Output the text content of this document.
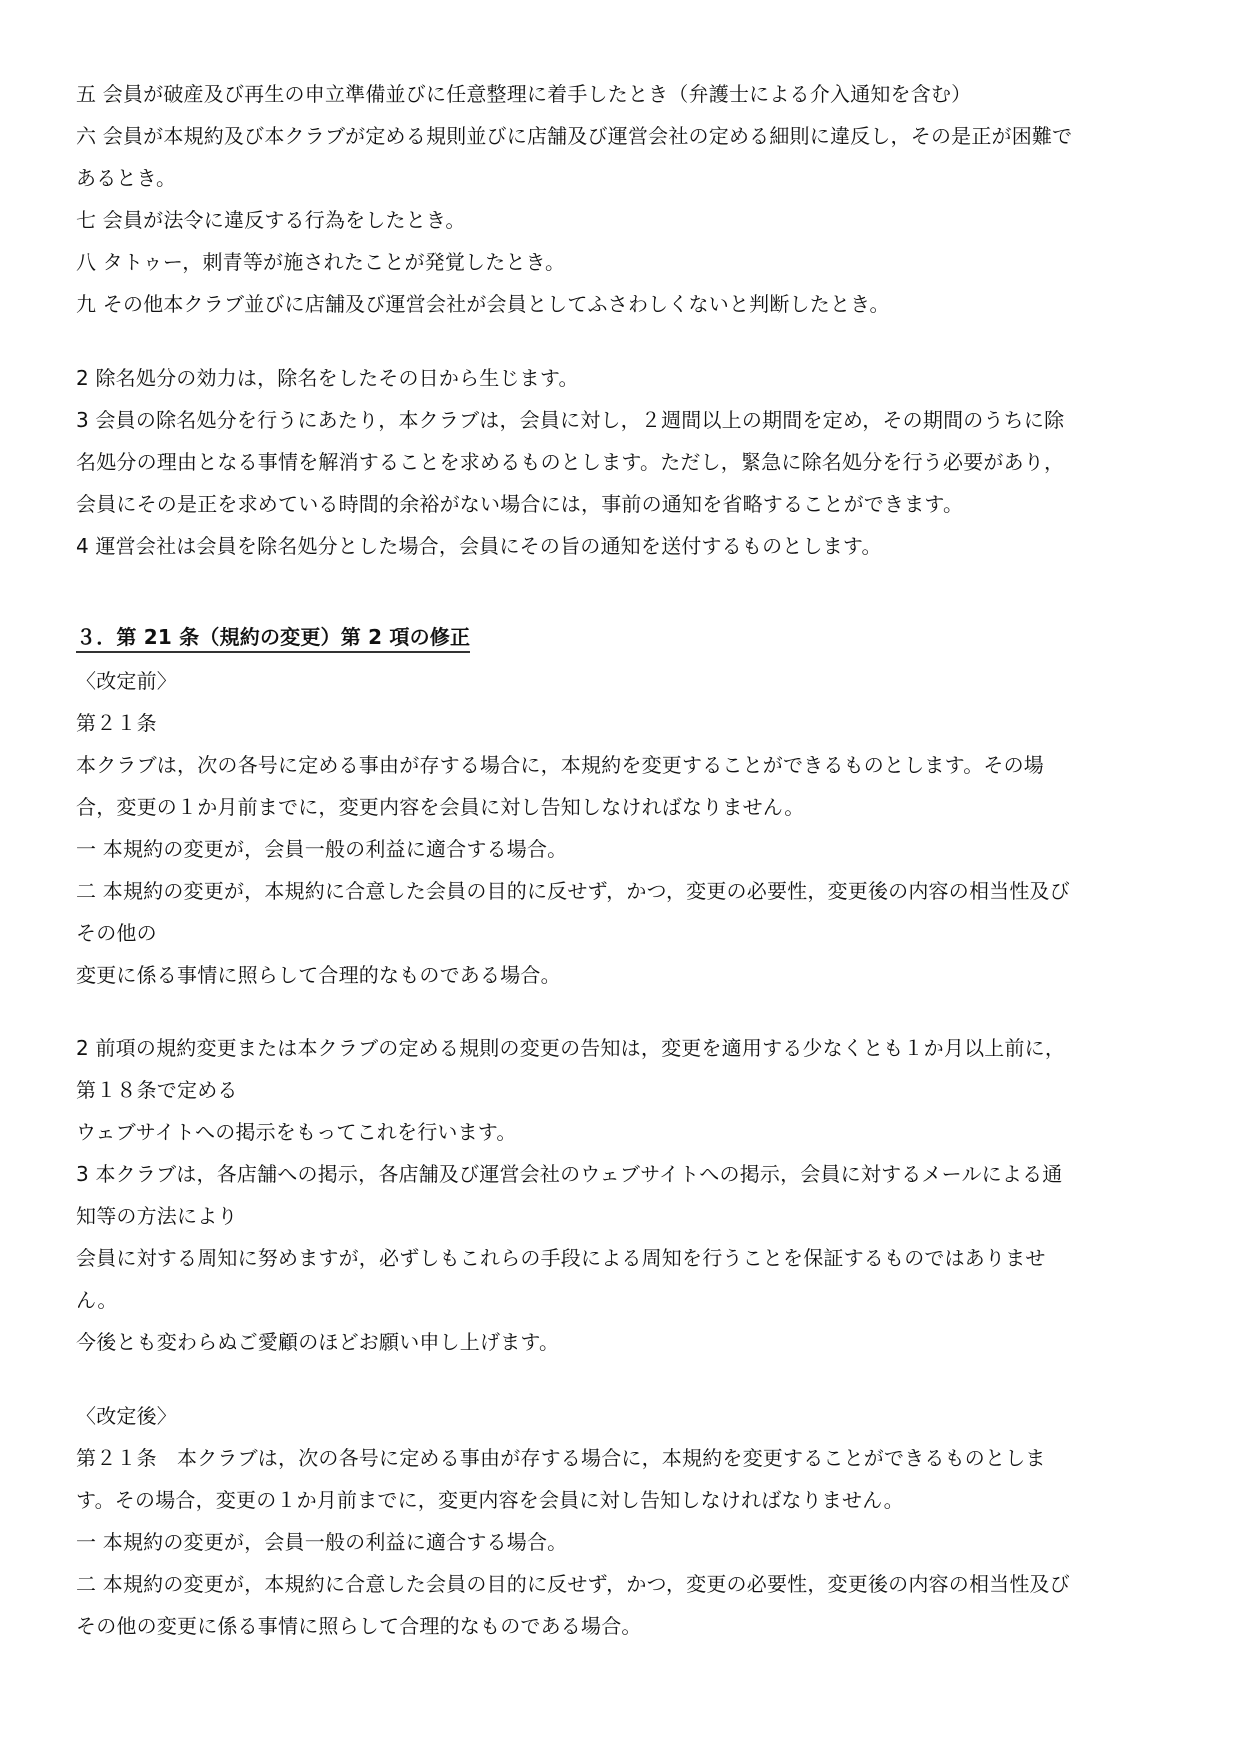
五 会員が破産及び再生の申立準備並びに任意整理に着手したとき（弁護士による介入通知を含む）
六 会員が本規約及び本クラブが定める規則並びに店舗及び運営会社の定める細則に違反し，その是正が困難で
あるとき。
七 会員が法令に違反する行為をしたとき。
八 タトゥー，刺青等が施されたことが発覚したとき。
九 その他本クラブ並びに店舗及び運営会社が会員としてふさわしくないと判断したとき。
2 除名処分の効力は，除名をしたその日から生じます。
3 会員の除名処分を行うにあたり，本クラブは，会員に対し，２週間以上の期間を定め，その期間のうちに除
名処分の理由となる事情を解消することを求めるものとします。ただし，緊急に除名処分を行う必要があり，
会員にその是正を求めている時間的余裕がない場合には，事前の通知を省略することができます。
4 運営会社は会員を除名処分とした場合，会員にその旨の通知を送付するものとします。
３．第 21 条（規約の変更）第 2 項の修正
〈改定前〉
第２１条
本クラブは，次の各号に定める事由が存する場合に，本規約を変更することができるものとします。その場
合，変更の１か月前までに，変更内容を会員に対し告知しなければなりません。
一 本規約の変更が，会員一般の利益に適合する場合。
二 本規約の変更が，本規約に合意した会員の目的に反せず，かつ，変更の必要性，変更後の内容の相当性及び
その他の
変更に係る事情に照らして合理的なものである場合。
2 前項の規約変更または本クラブの定める規則の変更の告知は，変更を適用する少なくとも１か月以上前に，
第１８条で定める
ウェブサイトへの掲示をもってこれを行います。
3 本クラブは，各店舗への掲示，各店舗及び運営会社のウェブサイトへの掲示，会員に対するメールによる通
知等の方法により
会員に対する周知に努めますが，必ずしもこれらの手段による周知を行うことを保証するものではありませ
ん。
今後とも変わらぬご愛顧のほどお願い申し上げます。
〈改定後〉
第２１条　本クラブは，次の各号に定める事由が存する場合に，本規約を変更することができるものとしま
す。その場合，変更の１か月前までに，変更内容を会員に対し告知しなければなりません。
一 本規約の変更が，会員一般の利益に適合する場合。
二 本規約の変更が，本規約に合意した会員の目的に反せず，かつ，変更の必要性，変更後の内容の相当性及び
その他の変更に係る事情に照らして合理的なものである場合。
